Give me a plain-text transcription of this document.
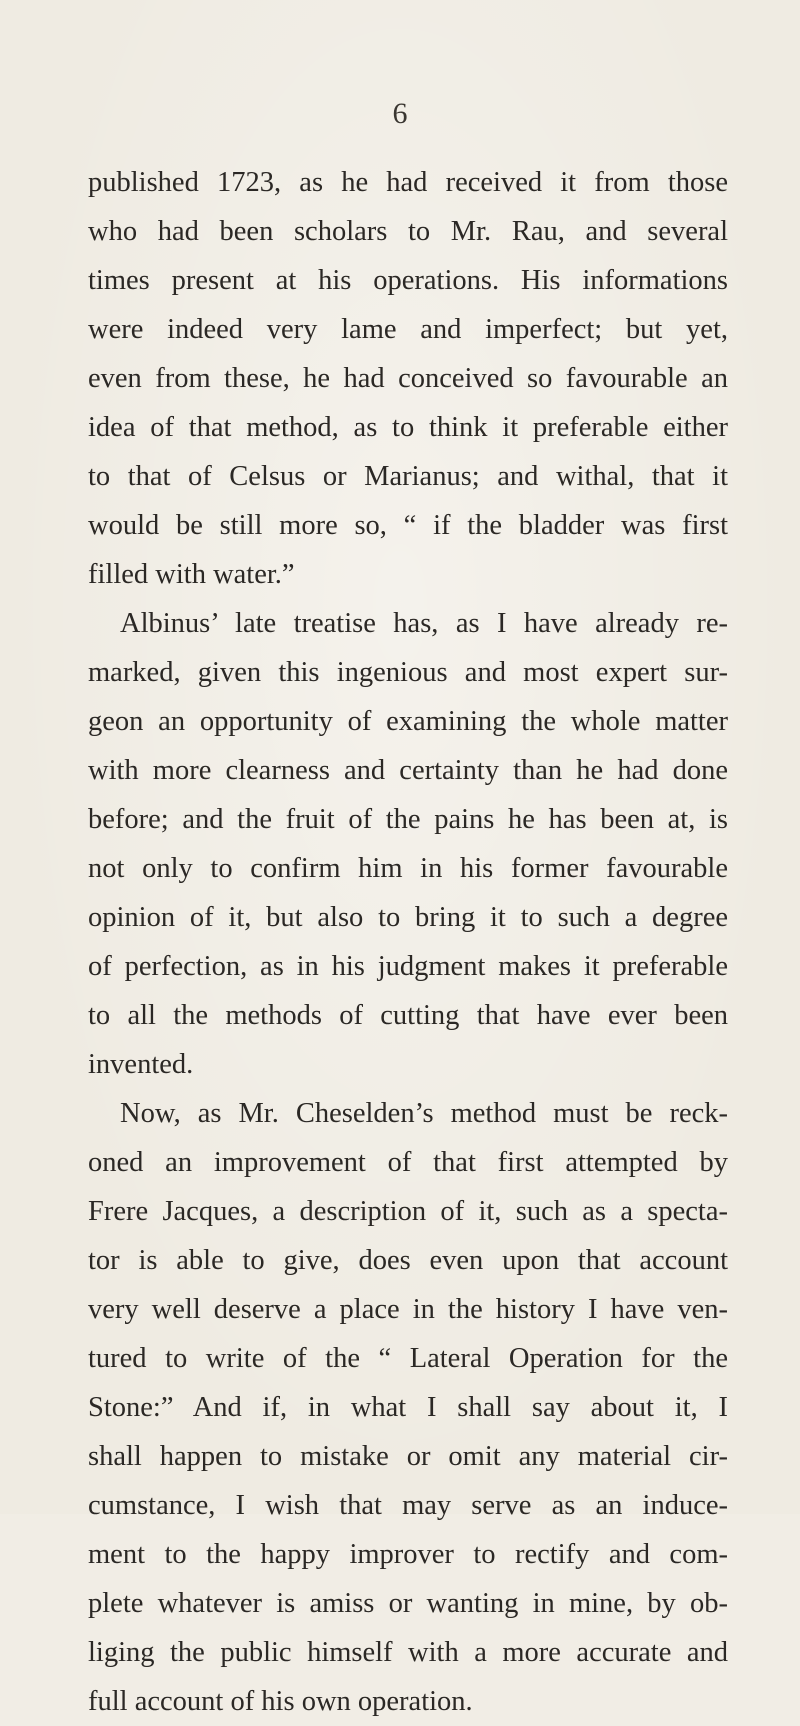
6
published 1723, as he had received it from those
who had been scholars to Mr. Rau, and several
times present at his operations. His informations
were indeed very lame and imperfect; but yet,
even from these, he had conceived so favourable an
idea of that method, as to think it preferable either
to that of Celsus or Marianus; and withal, that it
would be still more so, “ if the bladder was first
filled with water.”
Albinus’ late treatise has, as I have already re-
marked, given this ingenious and most expert sur-
geon an opportunity of examining the whole matter
with more clearness and certainty than he had done
before; and the fruit of the pains he has been at, is
not only to confirm him in his former favourable
opinion of it, but also to bring it to such a degree
of perfection, as in his judgment makes it preferable
to all the methods of cutting that have ever been
invented.
Now, as Mr. Cheselden’s method must be reck-
oned an improvement of that first attempted by
Frere Jacques, a description of it, such as a specta-
tor is able to give, does even upon that account
very well deserve a place in the history I have ven-
tured to write of the “ Lateral Operation for the
Stone:” And if, in what I shall say about it, I
shall happen to mistake or omit any material cir-
cumstance, I wish that may serve as an induce-
ment to the happy improver to rectify and com-
plete whatever is amiss or wanting in mine, by ob-
liging the public himself with a more accurate and
full account of his own operation.
